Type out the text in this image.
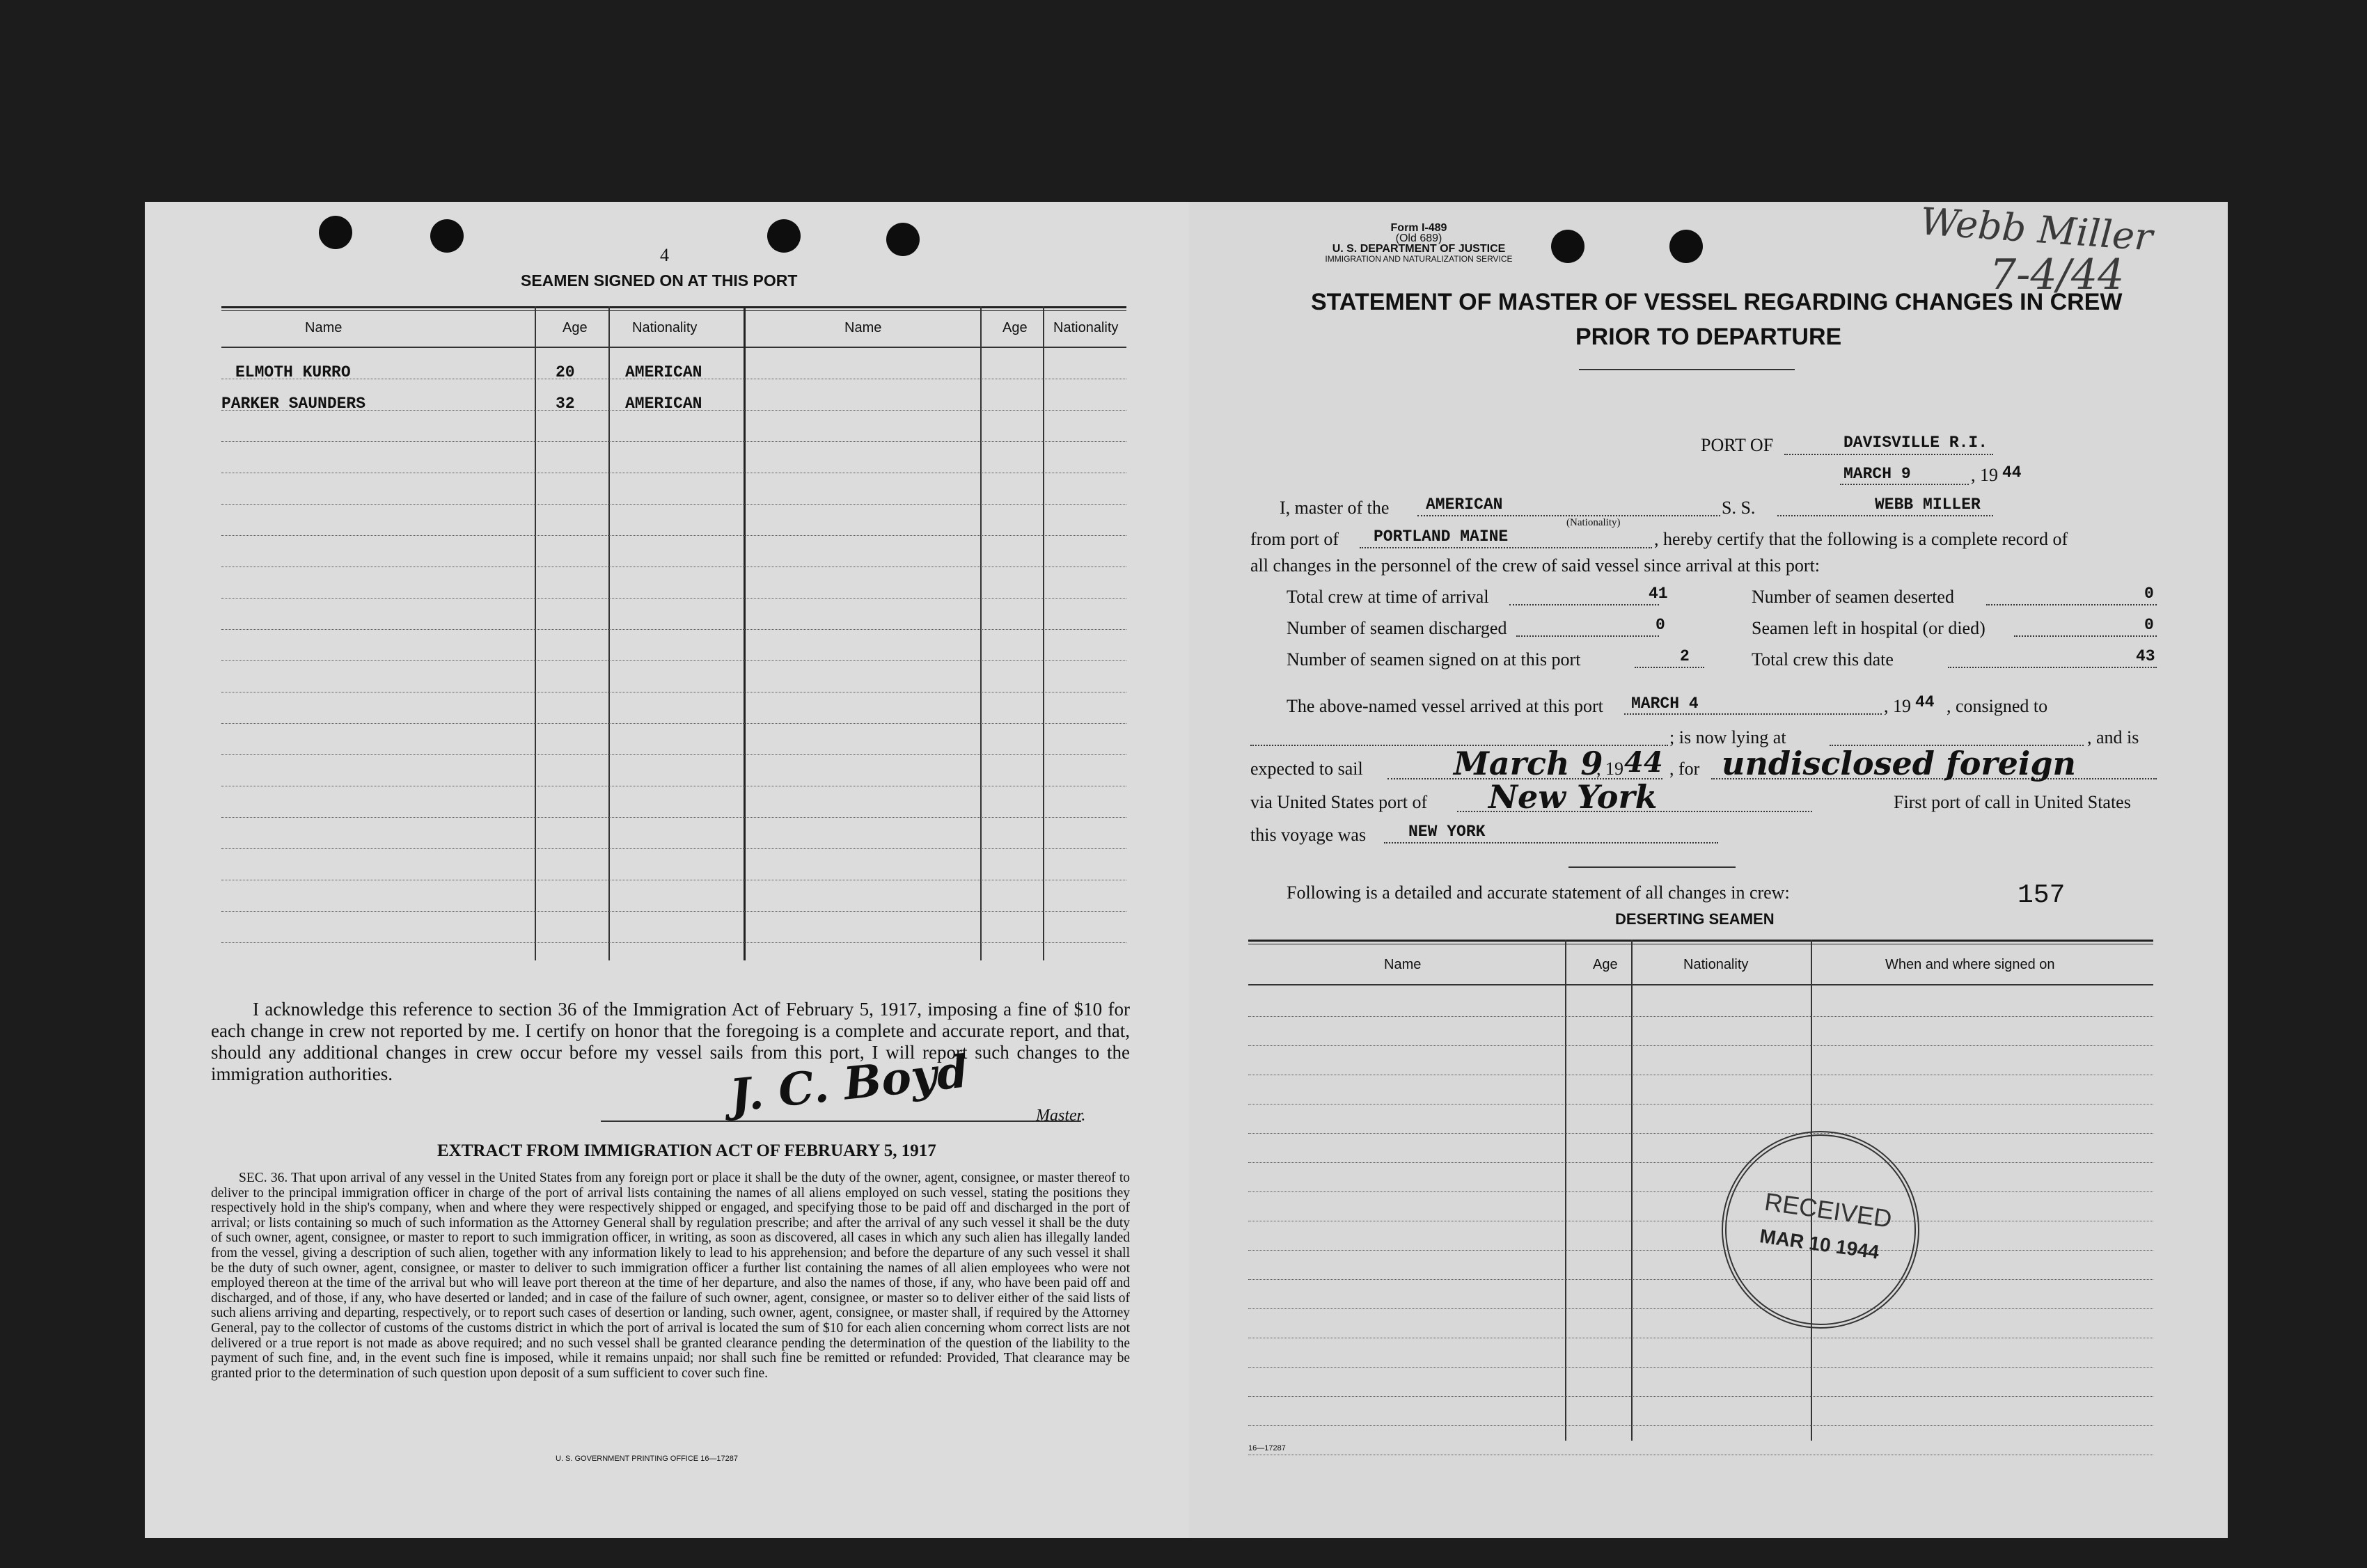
4
SEAMEN SIGNED ON AT THIS PORT
Name	Age	Nationality	Name	Age Nationality
ELMOTH KURRO	20	AMERICAN
PARKER SAUNDERS	32	AMERICAN
I acknowledge this reference to section 36 of the Immigration Act of February 5, 1917, imposing a fine of $10 for each change in crew not reported by me. I certify on honor that the foregoing is a complete and accurate report, and that, should any additional changes in crew occur before my vessel sails from this port, I will report such changes to the immigration authorities.	J. C. Boyd	Master.
EXTRACT FROM IMMIGRATION ACT OF FEBRUARY 5, 1917
SEC. 36. That upon arrival of any vessel in the United States from any foreign port or place it shall be the duty of the owner, agent, consignee, or master thereof to deliver to the principal immigration officer in charge of the port of arrival lists containing the names of all aliens employed on such vessel, stating the positions they respectively hold in the ship's company, when and where they were respectively shipped or engaged, and specifying those to be paid off and discharged in the port of arrival; or lists containing so much of such information as the Attorney General shall by regulation prescribe; and after the arrival of any such vessel it shall be the duty of such owner, agent, consignee, or master to report to such immigration officer, in writing, as soon as discovered, all cases in which any such alien has illegally landed from the vessel, giving a description of such alien, together with any information likely to lead to his apprehension; and before the departure of any such vessel it shall be the duty of such owner, agent, consignee, or master to deliver to such immigration officer a further list containing the names of all alien employees who were not employed thereon at the time of the arrival but who will leave port thereon at the time of her departure, and also the names of those, if any, who have been paid off and discharged, and of those, if any, who have deserted or landed; and in case of the failure of such owner, agent, consignee, or master so to deliver either of the said lists of such aliens arriving and departing, respectively, or to report such cases of desertion or landing, such owner, agent, consignee, or master shall, if required by the Attorney General, pay to the collector of customs of the customs district in which the port of arrival is located the sum of $10 for each alien concerning whom correct lists are not delivered or a true report is not made as above required; and no such vessel shall be granted clearance pending the determination of the question of the liability to the payment of such fine, and, in the event such fine is imposed, while it remains unpaid; nor shall such fine be remitted or refunded: Provided, That clearance may be granted prior to the determination of such question upon deposit of a sum sufficient to cover such fine.
U. S. GOVERNMENT PRINTING OFFICE 16—17287
Form I-489
(Old 689)
U. S. DEPARTMENT OF JUSTICE
IMMIGRATION AND NATURALIZATION SERVICE	Webb Miller
7-4/44
STATEMENT OF MASTER OF VESSEL REGARDING CHANGES IN CREW
PRIOR TO DEPARTURE
PORT OF	DAVISVILLE R.I.
MARCH 9	, 19 44
I, master of the AMERICAN
(Nationality)
S. S.	WEBB MILLER
from port of PORTLAND MAINE	, hereby certify that the following is a complete record of
all changes in the personnel of the crew of said vessel since arrival at this port:
Total crew at time of arrival	41	Number of seamen deserted	0
Number of seamen discharged	0	Seamen left in hospital (or died)	0
Number of seamen signed on at this port	2	Total crew this date	43
The above-named vessel arrived at this port MARCH 4	, 19 44 , consigned to
; is now lying at	, and is
expected to sail	March 9
, 19 44 , for undisclosed foreign
via United States port of New York	First port of call in United States
this voyage was	NEW YORK
Following is a detailed and accurate statement of all changes in crew:	157
DESERTING SEAMEN
Name	Age	Nationality	When and where signed on
RECEIVED
MAR 10 1944
16—17287
